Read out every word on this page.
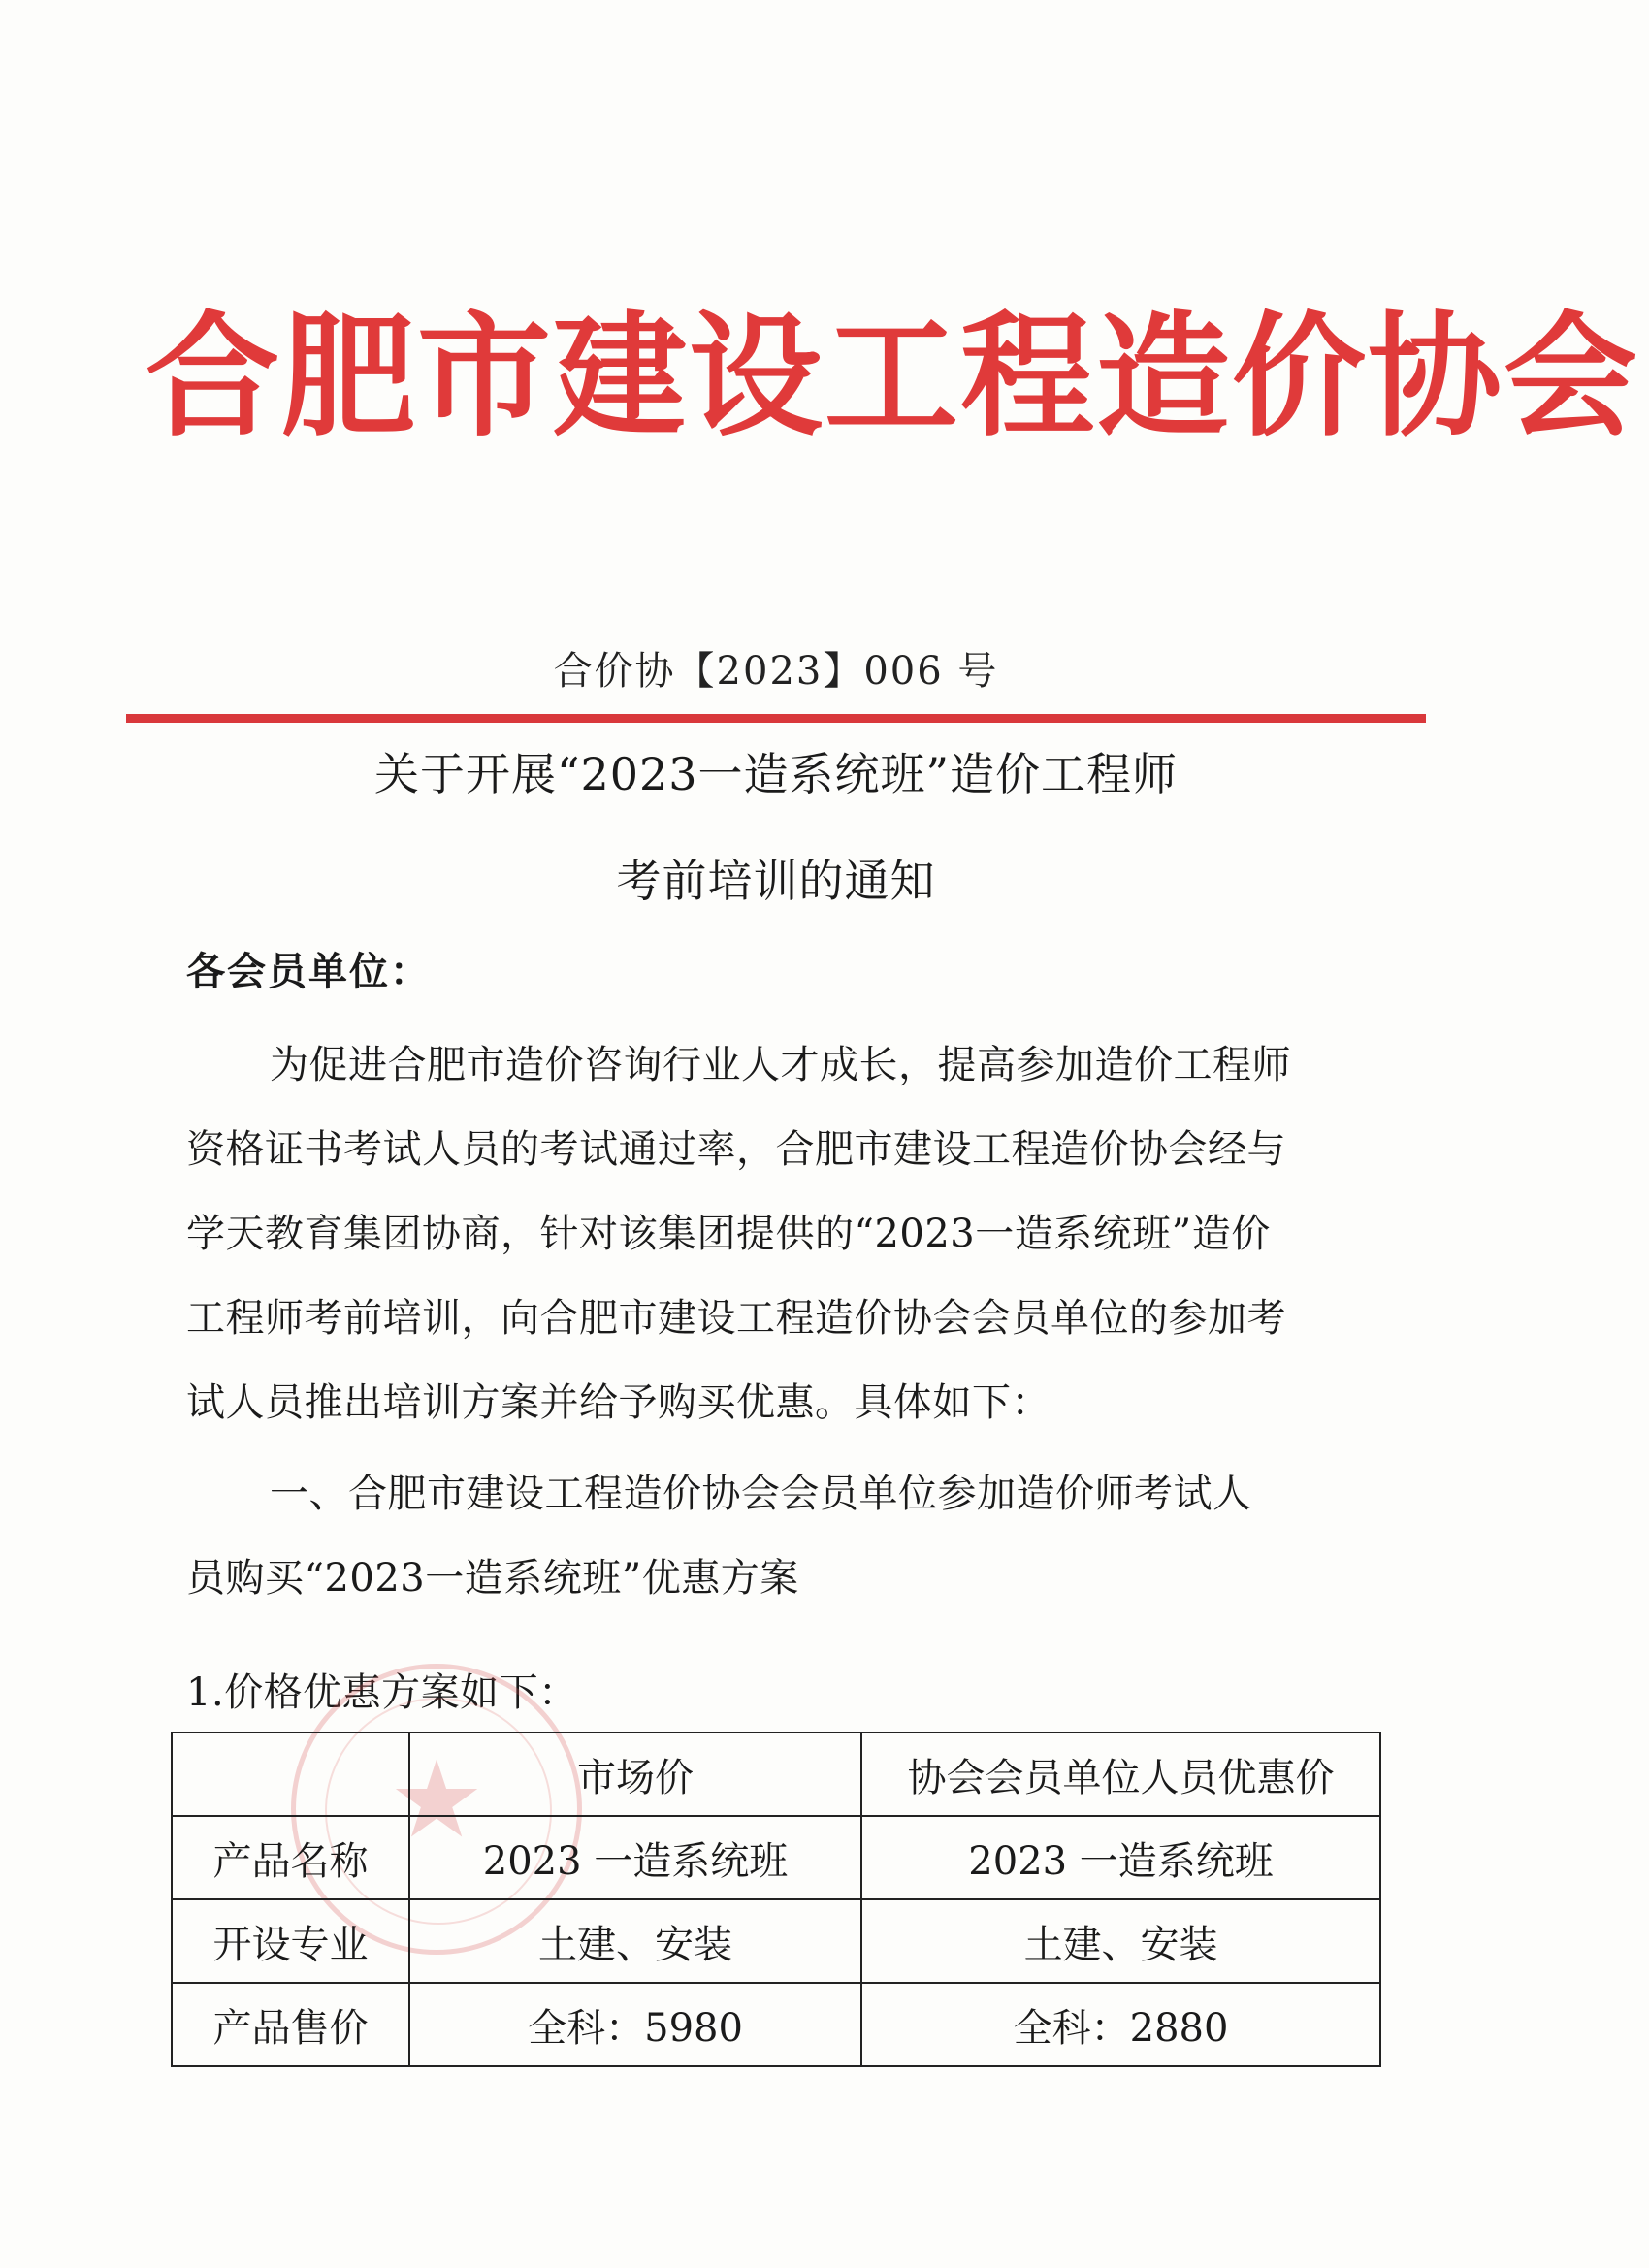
合肥市建设工程造价协会
合价协【2023】006 号
关于开展“2023一造系统班”造价工程师
考前培训的通知
各会员单位：
为促进合肥市造价咨询行业人才成长，提高参加造价工程师
资格证书考试人员的考试通过率，合肥市建设工程造价协会经与
学天教育集团协商，针对该集团提供的“2023一造系统班”造价
工程师考前培训，向合肥市建设工程造价协会会员单位的参加考
试人员推出培训方案并给予购买优惠。具体如下：
一、合肥市建设工程造价协会会员单位参加造价师考试人
员购买“2023一造系统班”优惠方案
1.价格优惠方案如下：
★
		市场价	协会会员单位人员优惠价
产品名称	2023 一造系统班	2023 一造系统班
开设专业	土建、安装	土建、安装
产品售价	全科：5980	全科：2880
